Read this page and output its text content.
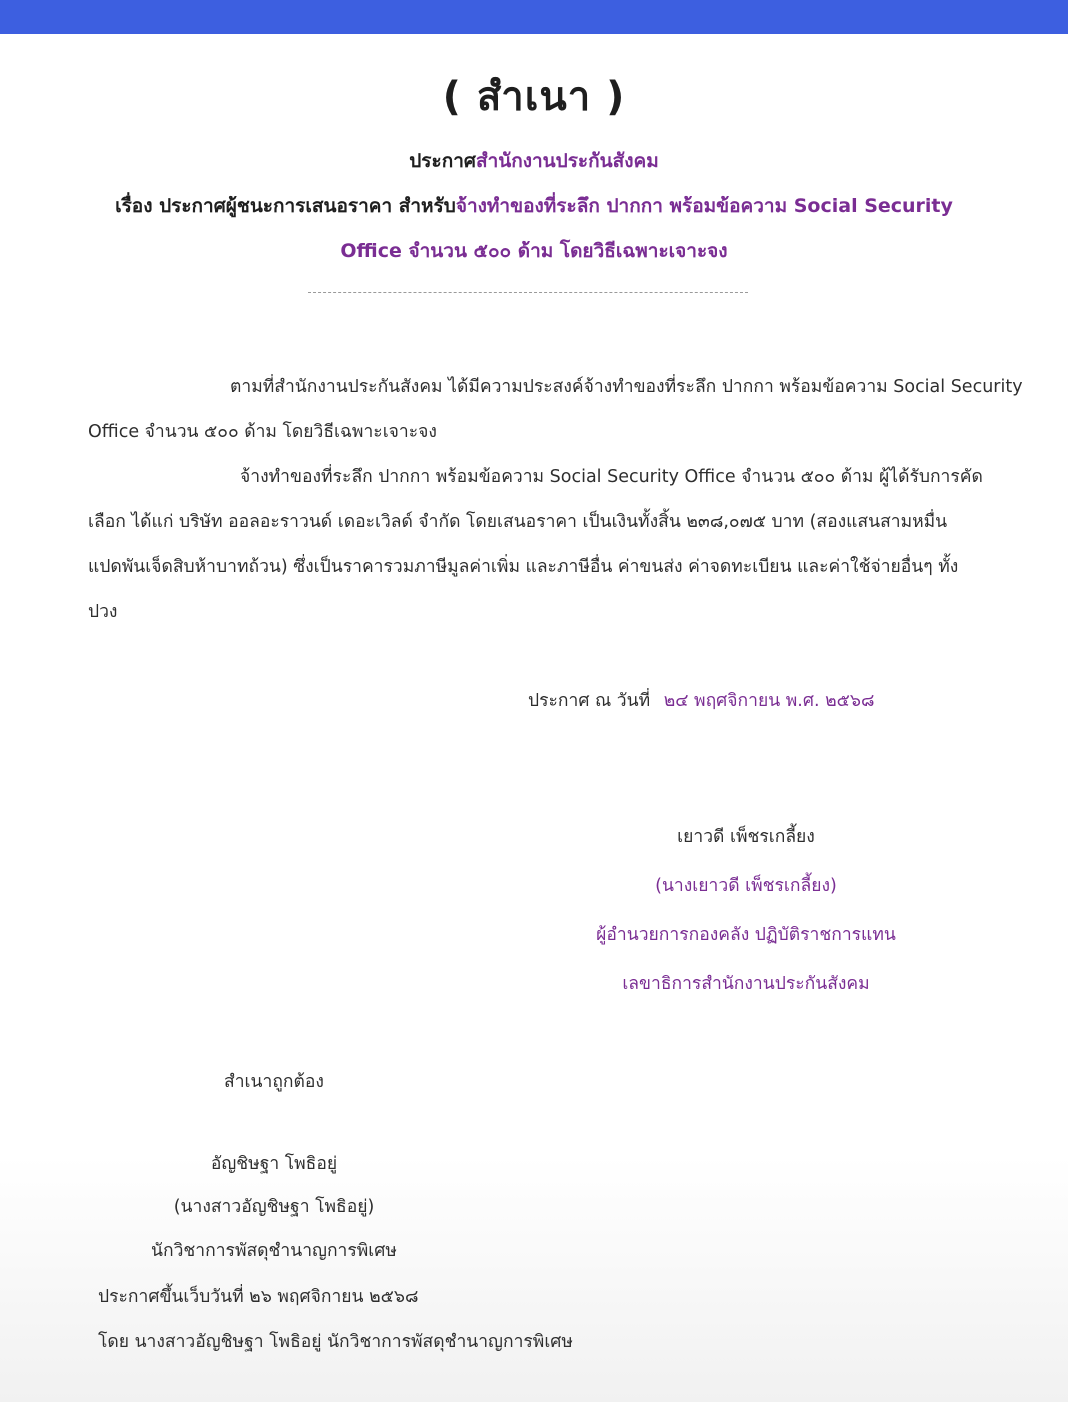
( สำเนา )
ประกาศสำนักงานประกันสังคม
เรื่อง ประกาศผู้ชนะการเสนอราคา สำหรับจ้างทำของที่ระลึก ปากกา พร้อมข้อความ Social Security
Office จำนวน ๕๐๐ ด้าม โดยวิธีเฉพาะเจาะจง
ตามที่สำนักงานประกันสังคม ได้มีความประสงค์จ้างทำของที่ระลึก ปากกา พร้อมข้อความ Social Security
Office จำนวน ๕๐๐ ด้าม โดยวิธีเฉพาะเจาะจง
จ้างทำของที่ระลึก ปากกา พร้อมข้อความ Social Security Office จำนวน ๕๐๐ ด้าม ผู้ได้รับการคัด
เลือก ได้แก่ บริษัท ออลอะราวนด์ เดอะเวิลด์ จำกัด โดยเสนอราคา เป็นเงินทั้งสิ้น ๒๓๘,๐๗๕ บาท (สองแสนสามหมื่น
แปดพันเจ็ดสิบห้าบาทถ้วน) ซึ่งเป็นราคารวมภาษีมูลค่าเพิ่ม และภาษีอื่น ค่าขนส่ง ค่าจดทะเบียน และค่าใช้จ่ายอื่นๆ ทั้ง
ปวง
ประกาศ ณ วันที่ ๒๔ พฤศจิกายน พ.ศ. ๒๕๖๘
เยาวดี เพ็ชรเกลี้ยง
(นางเยาวดี เพ็ชรเกลี้ยง)
ผู้อำนวยการกองคลัง ปฏิบัติราชการแทน
เลขาธิการสำนักงานประกันสังคม
สำเนาถูกต้อง
อัญชิษฐา โพธิอยู่
(นางสาวอัญชิษฐา โพธิอยู่)
นักวิชาการพัสดุชำนาญการพิเศษ
ประกาศขึ้นเว็บวันที่ ๒๖ พฤศจิกายน ๒๕๖๘
โดย นางสาวอัญชิษฐา โพธิอยู่ นักวิชาการพัสดุชำนาญการพิเศษ
